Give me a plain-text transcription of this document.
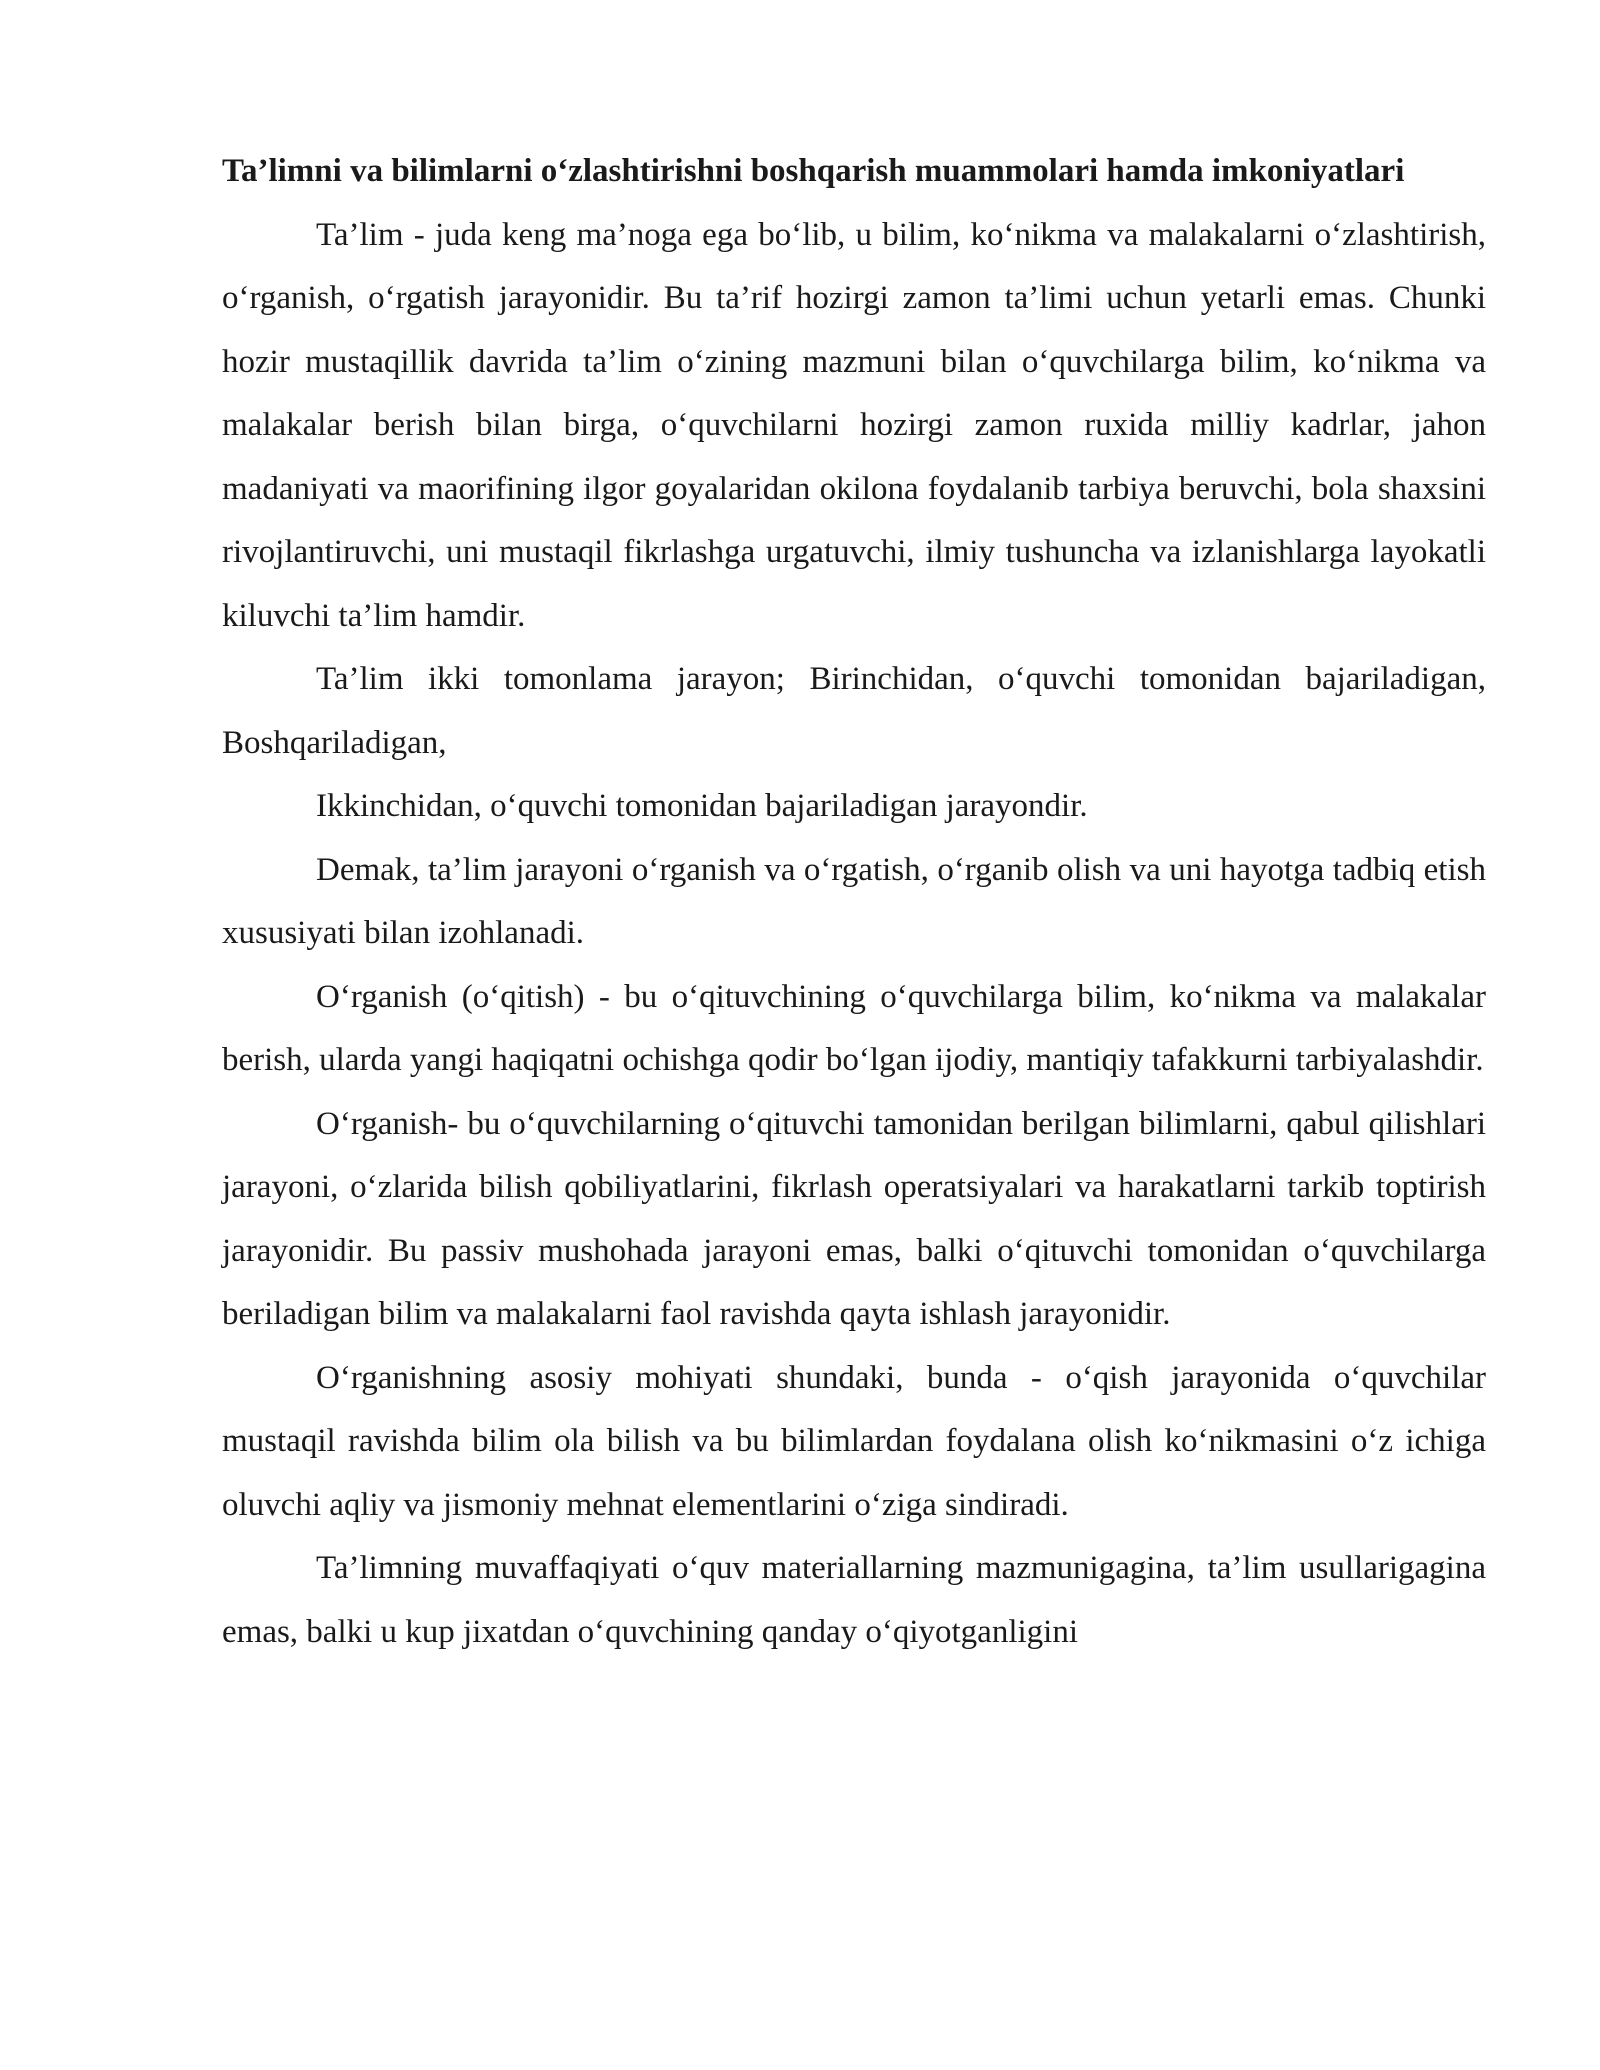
Ta’limni va bilimlarni o‘zlashtirishni boshqarish muammolari hamda imkoniyatlari

Ta’lim - juda keng ma’noga ega bo‘lib, u bilim, ko‘nikma va malakalarni o‘zlashtirish, o‘rganish, o‘rgatish jarayonidir. Bu ta’rif hozirgi zamon ta’limi uchun yetarli emas. Chunki hozir mustaqillik davrida ta’lim o‘zining mazmuni bilan o‘quvchilarga bilim, ko‘nikma va malakalar berish bilan birga, o‘quvchilarni hozirgi zamon ruxida milliy kadrlar, jahon madaniyati va maorifining ilgor goyalaridan okilona foydalanib tarbiya beruvchi, bola shaxsini rivojlantiruvchi, uni mustaqil fikrlashga urgatuvchi, ilmiy tushuncha va izlanishlarga layokatli kiluvchi ta’lim hamdir.

Ta’lim ikki tomonlama jarayon; Birinchidan, o‘quvchi tomonidan bajariladigan, Boshqariladigan,

Ikkinchidan, o‘quvchi tomonidan bajariladigan jarayondir.

Demak, ta’lim jarayoni o‘rganish va o‘rgatish, o‘rganib olish va uni hayotga tadbiq etish xususiyati bilan izohlanadi.

O‘rganish (o‘qitish) - bu o‘qituvchining o‘quvchilarga bilim, ko‘nikma va malakalar berish, ularda yangi haqiqatni ochishga qodir bo‘lgan ijodiy, mantiqiy tafakkurni tarbiyalashdir.

O‘rganish- bu o‘quvchilarning o‘qituvchi tamonidan berilgan bilimlarni, qabul qilishlari jarayoni, o‘zlarida bilish qobiliyatlarini, fikrlash operatsiyalari va harakatlarni tarkib toptirish jarayonidir. Bu passiv mushohada jarayoni emas, balki o‘qituvchi tomonidan o‘quvchilarga beriladigan bilim va malakalarni faol ravishda qayta ishlash jarayonidir.

O‘rganishning asosiy mohiyati shundaki, bunda - o‘qish jarayonida o‘quvchilar mustaqil ravishda bilim ola bilish va bu bilimlardan foydalana olish ko‘nikmasini o‘z ichiga oluvchi aqliy va jismoniy mehnat elementlarini o‘ziga sindiradi.

Ta’limning muvaffaqiyati o‘quv materiallarning mazmunigagina, ta’lim usullarigagina emas, balki u kup jixatdan o‘quvchining qanday o‘qiyotganligini
